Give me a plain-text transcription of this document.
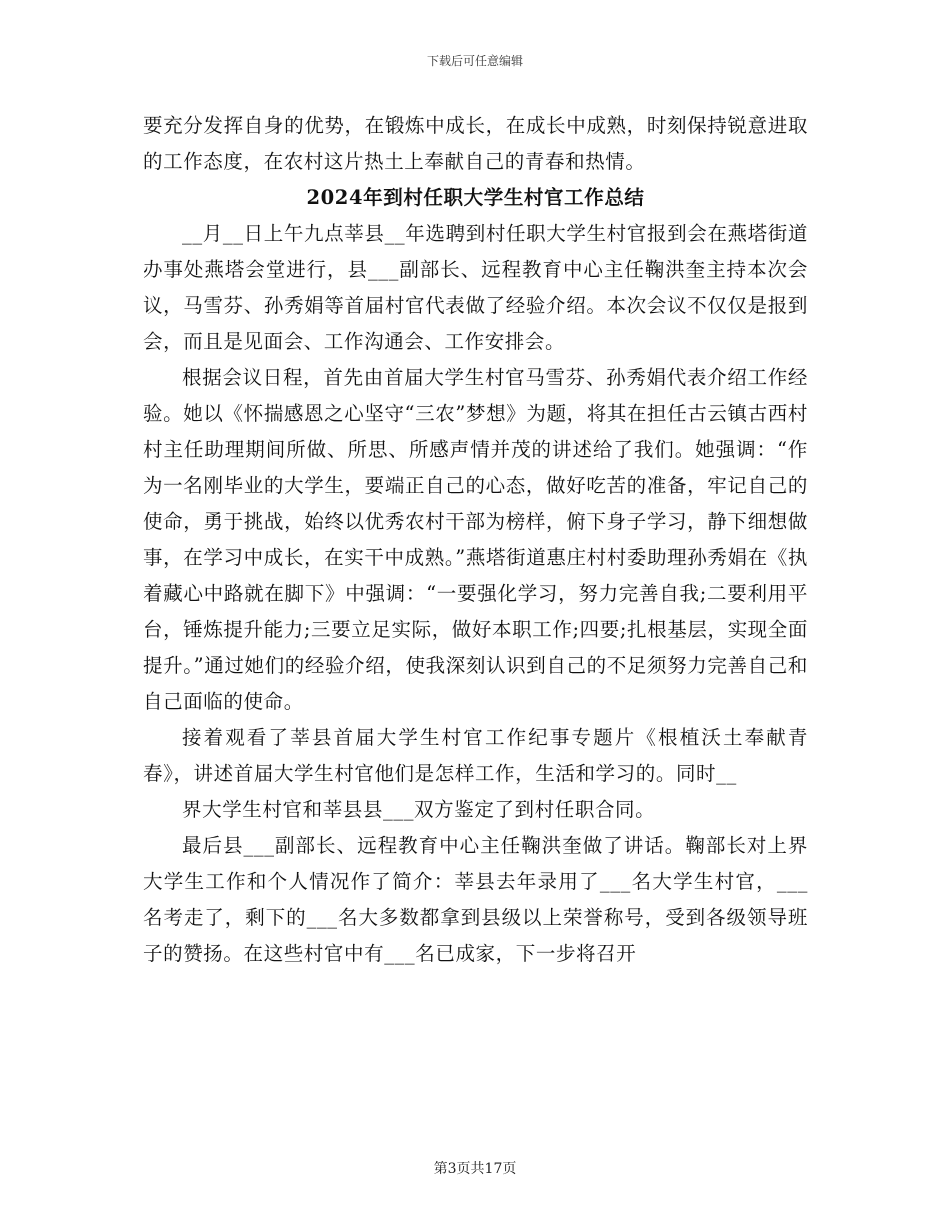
下载后可任意编辑

要充分发挥自身的优势，在锻炼中成长，在成长中成熟，时刻保持锐意进取的工作态度，在农村这片热土上奉献自己的青春和热情。

2024年到村任职大学生村官工作总结

__月__日上午九点莘县__年选聘到村任职大学生村官报到会在燕塔街道办事处燕塔会堂进行，县___副部长、远程教育中心主任鞠洪奎主持本次会议，马雪芬、孙秀娟等首届村官代表做了经验介绍。本次会议不仅仅是报到会，而且是见面会、工作沟通会、工作安排会。

根据会议日程，首先由首届大学生村官马雪芬、孙秀娟代表介绍工作经验。她以《怀揣感恩之心坚守“三农”梦想》为题，将其在担任古云镇古西村村主任助理期间所做、所思、所感声情并茂的讲述给了我们。她强调：“作为一名刚毕业的大学生，要端正自己的心态，做好吃苦的准备，牢记自己的使命，勇于挑战，始终以优秀农村干部为榜样，俯下身子学习，静下细想做事，在学习中成长，在实干中成熟。”燕塔街道惠庄村村委助理孙秀娟在《执着藏心中路就在脚下》中强调：“一要强化学习，努力完善自我;二要利用平台，锤炼提升能力;三要立足实际，做好本职工作;四要;扎根基层，实现全面提升。”通过她们的经验介绍，使我深刻认识到自己的不足须努力完善自己和自己面临的使命。

接着观看了莘县首届大学生村官工作纪事专题片《根植沃土奉献青春》，讲述首届大学生村官他们是怎样工作，生活和学习的。同时__

界大学生村官和莘县县___双方鉴定了到村任职合同。

最后县___副部长、远程教育中心主任鞠洪奎做了讲话。鞠部长对上界大学生工作和个人情况作了简介：莘县去年录用了___名大学生村官，___名考走了，剩下的___名大多数都拿到县级以上荣誉称号，受到各级领导班子的赞扬。在这些村官中有___名已成家，下一步将召开

第3页共17页
